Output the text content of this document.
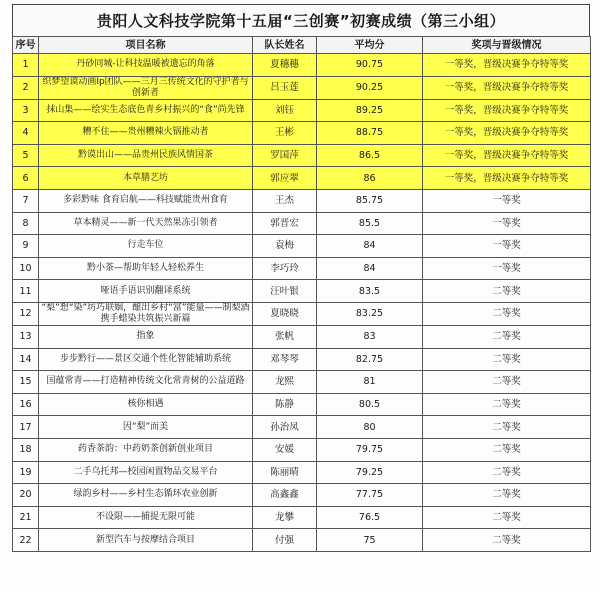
贵阳人文科技学院第十五届“三创赛”初赛成绩（第三小组）
序号	项目名称	队长姓名	平均分	奖项与晋级情况
1	丹砂同城-让科技温暖被遗忘的角落	夏穗穗	90.75	一等奖，晋级决赛争夺特等奖
2	织梦望谟动画Ip团队——三月三传统文化的守护者与创新者	吕玉莲	90.25	一等奖，晋级决赛争夺特等奖
3	抹山集——绘实生态底色青乡村振兴的“食”尚先锋	刘钰	89.25	一等奖，晋级决赛争夺特等奖
4	糟不住——贵州糟辣火锅推动者	王彬	88.75	一等奖，晋级决赛争夺特等奖
5	黔谟出山——品贵州民族风情国茶	罗国萍	86.5	一等奖，晋级决赛争夺特等奖
6	本草膳艺坊	郭应翠	86	一等奖，晋级决赛争夺特等奖
7	多彩黔味 食育启航——科技赋能贵州食育	王杰	85.75	一等奖
8	草本精灵——新一代天然果冻引领者	郭晋宏	85.5	一等奖
9	行走车位	袁梅	84	一等奖
10	黔小茶—帮助年轻人轻松养生	李巧玲	84	一等奖
11	哑语手语识别翻译系统	汪叶银	83.5	二等奖
12	“梨”想“染”坊巧联姻，酿出乡村“富”能量——制梨酒携手蜡染共筑振兴新篇	夏晓晓	83.25	二等奖
13	指象	张帆	83	二等奖
14	步步黔行——景区交通个性化智能辅助系统	邓琴琴	82.75	二等奖
15	国蕴常青——打造精神传统文化常青树的公益道路	龙熙	81	二等奖
16	核你相遇	陈静	80.5	二等奖
17	因“梨”而美	孙治凤	80	二等奖
18	药香茶韵：中药奶茶创新创业项目	安媛	79.75	二等奖
19	二手乌托邦—校园闲置物品交易平台	陈丽晴	79.25	二等奖
20	绿韵乡村——乡村生态循环农业创新	高鑫鑫	77.75	二等奖
21	不设限——捕捉无限可能	龙攀	76.5	二等奖
22	新型汽车与按摩结合项目	付强	75	二等奖
